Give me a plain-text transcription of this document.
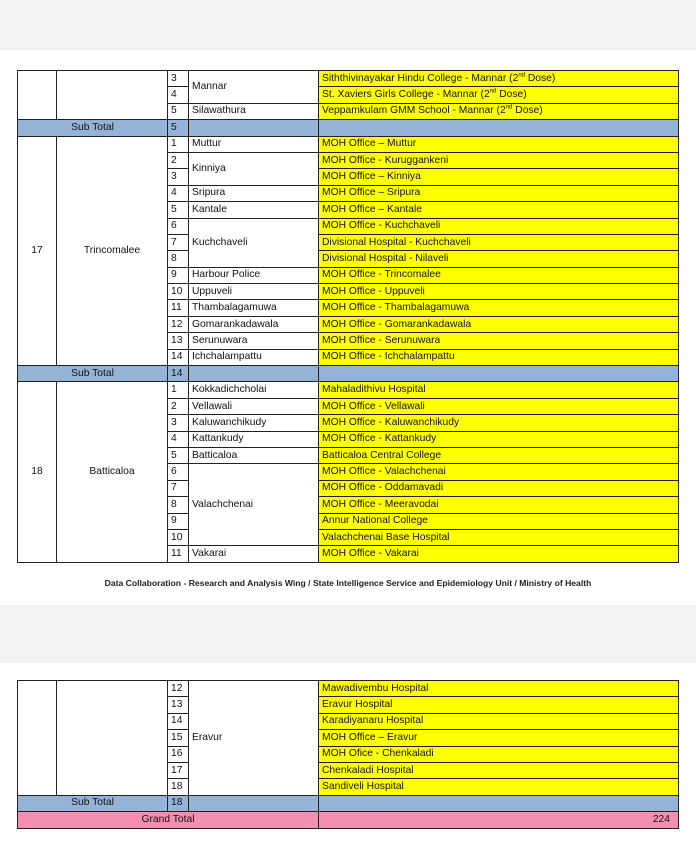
		3	Mannar	Siththivinayakar Hindu College - Mannar (2nd Dose)
		4		St. Xaviers Girls College - Mannar (2nd Dose)
		5	Silawathura	Veppamkulam GMM School - Mannar (2nd Dose)
Sub Total		5		
17	Trincomalee	1	Muttur	MOH Office – Muttur
		2	Kinniya	MOH Office - Kuruggankeni
		3		MOH Office – Kinniya
		4	Sripura	MOH Office – Sripura
		5	Kantale	MOH Office – Kantale
		6	Kuchchaveli	MOH Office - Kuchchaveli
		7		Divisional Hospital - Kuchchaveli
		8		Divisional Hospital - Nilaveli
		9	Harbour Police	MOH Office - Trincomalee
		10	Uppuveli	MOH Office - Uppuveli
		11	Thambalagamuwa	MOH Office - Thambalagamuwa
		12	Gomarankadawala	MOH Office - Gomarankadawala
		13	Serunuwara	MOH Office - Serunuwara
		14	Ichchalampattu	MOH Office - Ichchalampattu
Sub Total		14		
18	Batticaloa	1	Kokkadichcholai	Mahaladithivu Hospital
		2	Vellawali	MOH Office - Vellawali
		3	Kaluwanchikudy	MOH Office - Kaluwanchikudy
		4	Kattankudy	MOH Office - Kattankudy
		5	Batticaloa	Batticaloa Central College
		6	Valachchenai	MOH Office - Valachchenai
		7		MOH Office - Oddamavadi
		8		MOH Office - Meeravodai
		9		Annur National College
		10		Valachchenai Base Hospital
		11	Vakarai	MOH Office - Vakarai
Data Collaboration - Research and Analysis Wing / State Intelligence Service and Epidemiology Unit / Ministry of Health
		12	Eravur	Mawadivembu Hospital
		13		Eravur Hospital
		14		Karadiyanaru Hospital
		15		MOH Office – Eravur
		16		MOH Ofice - Chenkaladi
		17		Chenkaladi Hospital
		18		Sandiveli Hospital
Sub Total		18		
Grand Total				224
